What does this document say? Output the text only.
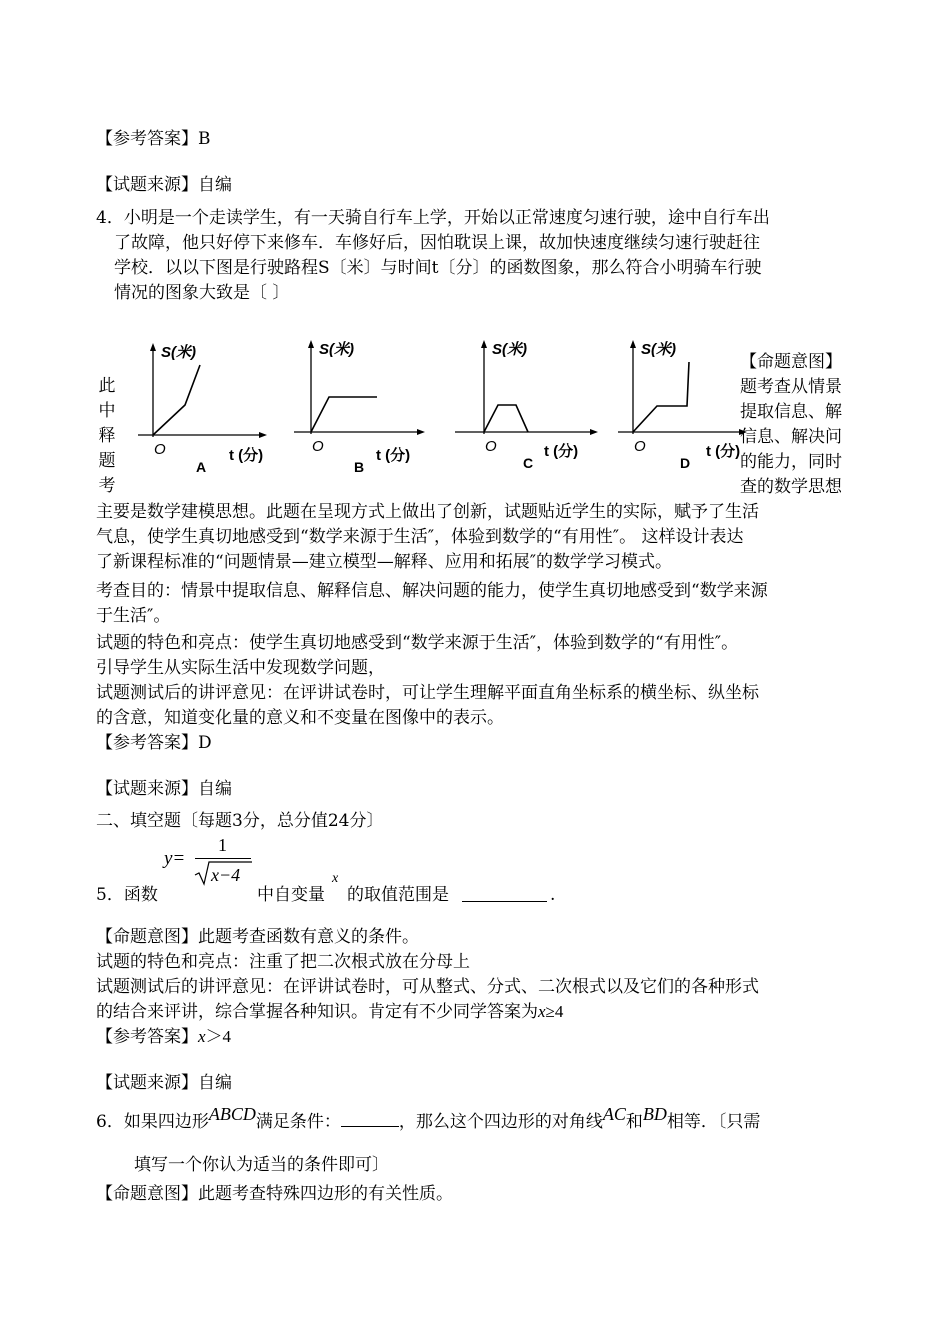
【参考答案】B
【试题来源】自编
4．小明是一个走读学生，有一天骑自行车上学，开始以正常速度匀速行驶，途中自行车出
了故障，他只好停下来修车．车修好后，因怕耽误上课，故加快速度继续匀速行驶赶往
学校．以以下图是行驶路程S〔米〕与时间t〔分〕的函数图象，那么符合小明骑车行驶
情况的图象大致是〔 〕
S(米)
O	t (分)
A
S(米)
O
t (分)
B
S(米)
O	t (分)
C
S(米)
O	t (分)
D
此
中
释
题
考
【命题意图】
题考查从情景
提取信息、解
信息、解决问
的能力，同时
查的数学思想
主要是数学建模思想。此题在呈现方式上做出了创新，试题贴近学生的实际，赋予了生活
气息，使学生真切地感受到“数学来源于生活″，体验到数学的“有用性″。 这样设计表达
了新课程标准的“问题情景—建立模型—解释、应用和拓展″的数学学习模式。
考查目的：情景中提取信息、解释信息、解决问题的能力，使学生真切地感受到“数学来源
于生活″。
试题的特色和亮点：使学生真切地感受到“数学来源于生活″，体验到数学的“有用性″。
引导学生从实际生活中发现数学问题，
试题测试后的讲评意见：在评讲试卷时，可让学生理解平面直角坐标系的横坐标、纵坐标
的含意，知道变化量的意义和不变量在图像中的表示。
【参考答案】D
【试题来源】自编
二、填空题〔每题3分，总分值24分〕
y=
1
x−4	x
5．函数	中自变量 的取值范围是	.
【命题意图】此题考查函数有意义的条件。
试题的特色和亮点：注重了把二次根式放在分母上
试题测试后的讲评意见：在评讲试卷时，可从整式、分式、二次根式以及它们的各种形式
的结合来评讲，综合掌握各种知识。肯定有不少同学答案为x≥4
【参考答案】x＞4
【试题来源】自编
6．如果四边形ABCD满足条件：	，那么这个四边形的对角线AC和BD相等．〔只需
填写一个你认为适当的条件即可〕
【命题意图】此题考查特殊四边形的有关性质。
